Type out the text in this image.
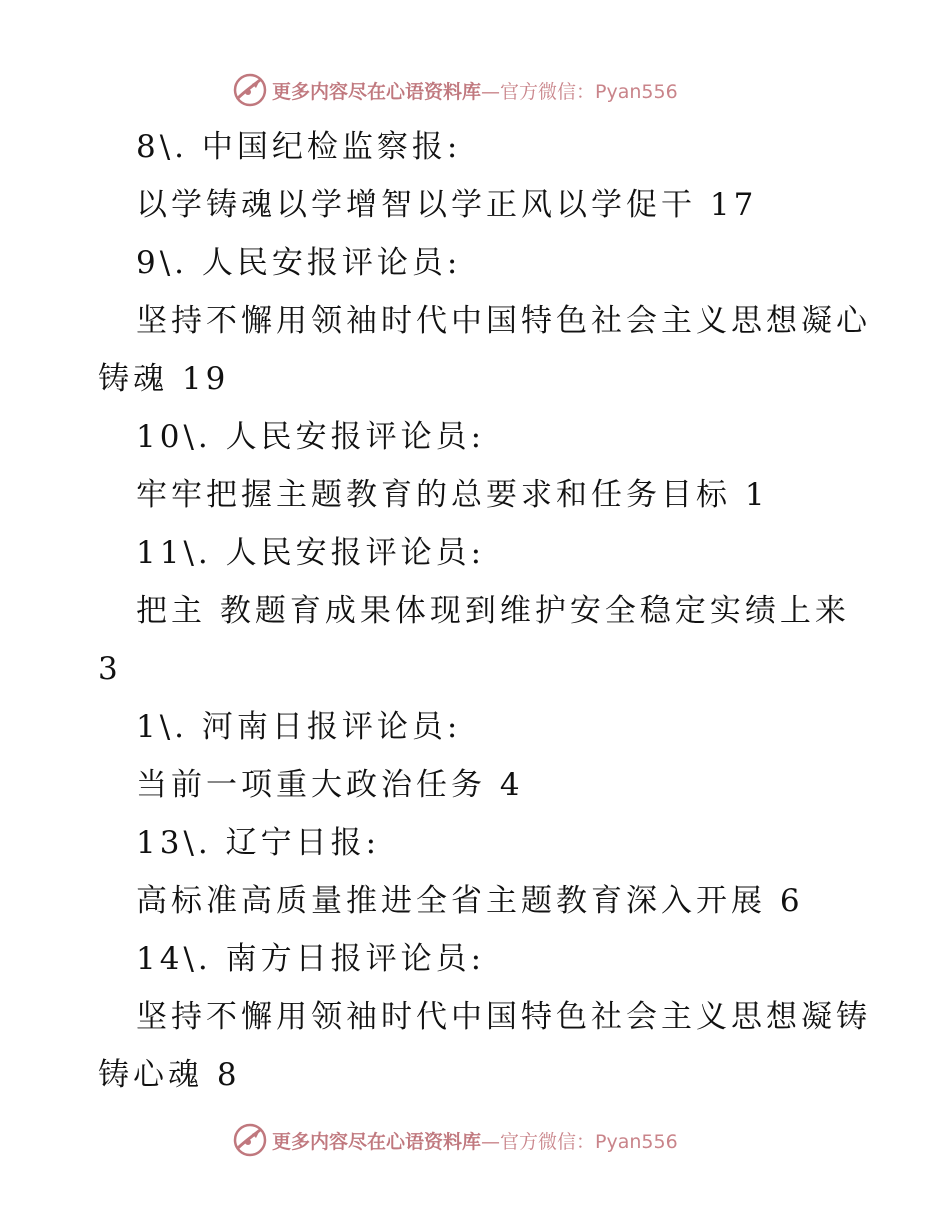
更多内容尽在心语资料库—官方微信：Pyan556
8\. 中国纪检监察报:
以学铸魂以学增智以学正风以学促干 17
9\. 人民安报评论员:
坚持不懈用领袖时代中国特色社会主义思想凝心
铸魂 19
10\. 人民安报评论员:
牢牢把握主题教育的总要求和任务目标 1
11\. 人民安报评论员:
把主 教题育成果体现到维护安全稳定实绩上来
3
1\. 河南日报评论员:
当前一项重大政治任务 4
13\. 辽宁日报:
高标准高质量推进全省主题教育深入开展 6
14\. 南方日报评论员:
坚持不懈用领袖时代中国特色社会主义思想凝铸
铸心魂 8
更多内容尽在心语资料库—官方微信：Pyan556
